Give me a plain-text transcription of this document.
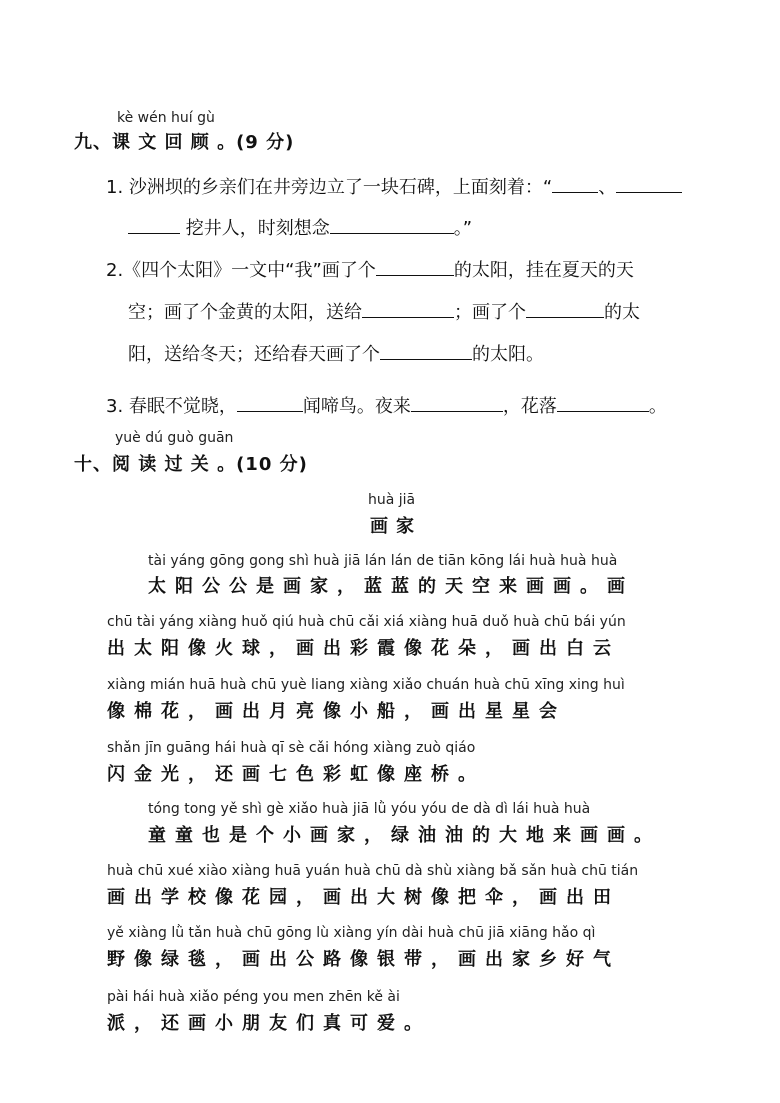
kè wén huí gù
九、课 文 回 顾 。(9 分)
1. 沙洲坝的乡亲们在井旁边立了一块石碑，上面刻着：“	、
挖井人，时刻想念	。”
2.《四个太阳》一文中“我”画了个	的太阳，挂在夏天的天
空；画了个金黄的太阳，送给	；画了个	的太
阳，送给冬天；还给春天画了个	的太阳。
3. 春眠不觉晓，	闻啼鸟。夜来	，花落	。
yuè dú guò guān
十、阅 读 过 关 。(10 分)
huà jiā
画家
tài yáng gōng gong shì huà jiā lán lán de tiān kōng lái huà huà huà
太阳公公是画家，蓝蓝的天空来画画。画
chū tài yáng xiàng huǒ qiú huà chū cǎi xiá xiàng huā duǒ huà chū bái yún
出太阳像火球，画出彩霞像花朵，画出白云
xiàng mián huā huà chū yuè liang xiàng xiǎo chuán huà chū xīng xing huì
像棉花，画出月亮像小船，画出星星会
shǎn jīn guāng hái huà qī sè cǎi hóng xiàng zuò qiáo
闪金光，还画七色彩虹像座桥。
tóng tong yě shì gè xiǎo huà jiā lǜ yóu yóu de dà dì lái huà huà
童童也是个小画家，绿油油的大地来画画。
huà chū xué xiào xiàng huā yuán huà chū dà shù xiàng bǎ sǎn huà chū tián
画出学校像花园，画出大树像把伞，画出田
yě xiàng lǜ tǎn huà chū gōng lù xiàng yín dài huà chū jiā xiāng hǎo qì
野像绿毯，画出公路像银带，画出家乡好气
pài hái huà xiǎo péng you men zhēn kě ài
派，还画小朋友们真可爱。
